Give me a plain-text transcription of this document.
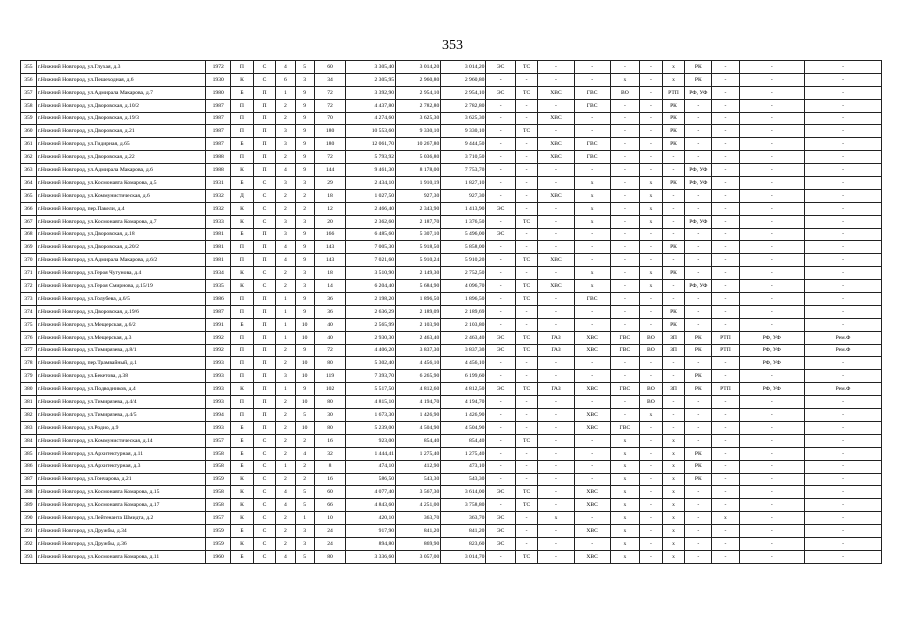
353
355	г.Нижний Новгород, ул.Глухая, д.3	1972	П	С	4	5	60	3 305,40	3 014,20	3 014,20	ЭС	ТС	-	-	-	-	х	РК	-	-	-
356	г.Нижний Новгород, ул.Пешеходная, д.6	1930	К	С	6	3	34	2 305,95	2 960,80	2 960,80	-	-	-	-	х	-	х	РК	-	-	-
357	г.Нижний Новгород, ул.Адмирала Макарова, д.7	1980	Б	П	1	9	72	3 392,90	2 954,10	2 954,10	ЭС	ТС	ХВС	ГВС	ВО	-	РТП	РФ, УФ	-	-	-
358	г.Нижний Новгород, ул.Дворовская, д.10/2	1987	П	П	2	9	72	4 437,80	2 782,80	2 782,80	-	-	-	ГВС	-	-	РК	-	-	-	-
359	г.Нижний Новгород, ул.Дворовская, д.19/3	1987	П	П	2	9	70	4 274,60	3 625,30	3 625,30	-	-	ХВС	-	-	-	РК	-	-	-	-
360	г.Нижний Новгород, ул.Дворовская, д.21	1987	П	П	3	9	180	10 553,60	9 330,10	9 330,10	-	ТС	-	-	-	-	РК	-	-	-	-
361	г.Нижний Новгород, ул.Гидирная, д.65	1987	Б	П	3	9	180	12 061,70	10 267,80	9 444,50	-	-	ХВС	ГВС	-	-	РК	-	-	-	-
362	г.Нижний Новгород, ул.Дворовская, д.22	1988	П	П	2	9	72	5 793,92	5 036,80	3 710,50	-	-	ХВС	ГВС	-	-	-	-	-	-	-
363	г.Нижний Новгород, ул.Адмирала Макарова, д.6	1988	К	П	4	9	144	9 461,30	8 178,00	7 753,70	-	-	-	-	-	-	-	РФ, УФ	-	-	-
364	г.Нижний Новгород, ул.Космонавта Комарова, д.5	1931	Б	С	3	3	29	2 434,10	1 910,19	1 827,10	-	-	-	х	-	х	РК	РФ, УФ	-	-	-
365	г.Нижний Новгород, ул.Коммунистическая, д.6	1932	Д	С	2	2	18	1 027,50	927,30	927,30	-	-	ХВС	х	-	х	-	-	-	-	-
366	г.Нижний Новгород, пер.Пакели, д.4	1932	К	С	2	2	12	2 466,40	2 343,90	1 413,90	ЭС	-	-	х	-	х	-	-	-	-	-
367	г.Нижний Новгород, ул.Космонавта Комарова, д.7	1933	К	С	3	3	20	2 362,60	2 187,70	1 376,50	-	ТС	-	х	-	х	-	РФ, УФ	-	-	-
368	г.Нижний Новгород, ул.Дворовская, д.18	1981	Б	П	3	9	166	6 485,60	5 307,10	5 496,00	ЭС	-	-	-	-	-	-	-	-	-	-
369	г.Нижний Новгород, ул.Дворовская, д.20/2	1981	П	П	4	9	143	7 005,30	5 918,50	5 858,00	-	-	-	-	-	-	РК	-	-	-	-
370	г.Нижний Новгород, ул.Адмирала Макарова, д.6/2	1981	П	П	4	9	143	7 021,60	5 910,24	5 910,20	-	ТС	ХВС	-	-	-	-	-	-	-	-
371	г.Нижний Новгород, ул.Героя Чугунова, д.4	1934	К	С	2	3	18	3 510,90	2 149,30	2 752,50	-	-	-	х	-	х	РК	-	-	-	-
372	г.Нижний Новгород, ул.Героя Смирнова, д.15/19	1935	К	С	2	3	14	6 204,40	5 684,90	4 096,70	-	ТС	ХВС	х	-	х	-	РФ, УФ	-	-	-
373	г.Нижний Новгород, ул.Голубева, д.6/5	1986	П	П	1	9	36	2 198,20	1 896,50	1 896,50	-	ТС	-	ГВС	-	-	-	-	-	-	-
374	г.Нижний Новгород, ул.Дворовская, д.19/6	1987	П	П	1	9	36	2 636,29	2 189,09	2 189,69	-	-	-	-	-	-	РК	-	-	-	-
375	г.Нижний Новгород, ул.Мещерская, д.6/2	1991	Б	П	1	10	40	2 565,99	2 103,90	2 103,80	-	-	-	-	-	-	РК	-	-	-	-
376	г.Нижний Новгород, ул.Мещерская, д.3	1992	П	П	1	10	40	2 930,30	2 463,40	2 463,40	ЭС	ТС	ГАЗ	ХВС	ГВС	ВО	ЗП	РК	РТП	РФ, УФ	Рем.Ф
377	г.Нижний Новгород, ул.Тимирязева, д.8/1	1992	П	П	2	9	72	4 406,20	3 837,30	3 837,30	ЭС	ТС	ГАЗ	ХВС	ГВС	ВО	ЗП	РК	РТП	РФ, УФ	Рем.Ф
378	г.Нижний Новгород, пер.Трамвайный, д.1	1993	П	П	2	10	80	5 302,40	4 456,10	4 456,10	-	-	-	-	-	-	-	-	-	РФ, УФ	-
379	г.Нижний Новгород, ул.Бекетова, д.38	1993	П	П	3	10	119	7 393,70	6 265,90	6 199,60	-	-	-	-	-	-	-	РК	-	-	-
380	г.Нижний Новгород, ул.Подводников, д.4	1993	К	П	1	9	102	5 517,50	4 812,60	4 812,50	ЭС	ТС	ГАЗ	ХВС	ГВС	ВО	ЗП	РК	РТП	РФ, УФ	Рем.Ф
381	г.Нижний Новгород, ул.Тимирязева, д.4/4	1993	П	П	2	10	80	4 815,10	4 194,70	4 194,70	-	-	-	-	-	ВО	-	-	-	-	-
382	г.Нижний Новгород, ул.Тимирязева, д.4/5	1994	П	П	2	5	30	1 673,30	1 426,90	1 426,90	-	-	-	ХВС	-	х	-	-	-	-	-
383	г.Нижний Новгород, ул.Родио, д.9	1993	Б	П	2	10	80	5 239,00	4 504,90	4 504,90	-	-	-	ХВС	ГВС	-	-	-	-	-	-
384	г.Нижний Новгород, ул.Коммунистическая, д.14	1957	Б	С	2	2	16	923,00	854,40	854,40	-	ТС	-	-	х	-	х	-	-	-	-
385	г.Нижний Новгород, ул.Архитектурная, д.11	1958	Б	С	2	4	32	1 444,41	1 275,40	1 275,40	-	-	-	-	х	-	х	РК	-	-	-
386	г.Нижний Новгород, ул.Архитектурная, д.3	1958	Б	С	1	2	8	474,10	412,90	473,10	-	-	-	-	х	-	х	РК	-	-	-
387	г.Нижний Новгород, ул.Гончарова, д.21	1959	К	С	2	2	16	586,50	543,30	543,30	-	-	-	-	х	-	х	РК	-	-	-
388	г.Нижний Новгород, ул.Космонавта Комарова, д.15	1958	К	С	4	5	60	4 077,40	3 567,30	3 614,00	ЭС	ТС	-	ХВС	х	-	х	-	-	-	-
389	г.Нижний Новгород, ул.Космонавта Комарова, д.17	1958	К	С	4	5	66	4 843,60	4 251,00	3 758,80	-	ТС	-	ХВС	х	-	х	-	-	-	-
390	г.Нижний Новгород, ул.Лейтенанта Шмидта, д.2	1957	К	С	2	1	10	420,10	363,70	363,70	ЭС	-	х	-	х	-	х	-	х	-	-
391	г.Нижний Новгород, ул.Дружбы, д.34	1959	Б	С	2	3	24	917,90	841,20	841,20	ЭС	-	-	ХВС	х	-	х	-	-	-	-
392	г.Нижний Новгород, ул.Дружбы, д.36	1959	К	С	2	3	24	894,80	869,90	823,60	ЭС	-	-	-	х	-	х	-	-	-	-
393	г.Нижний Новгород, ул.Космонавта Комарова, д.11	1960	Б	С	4	5	80	3 336,60	3 057,00	3 014,70	-	ТС	-	ХВС	х	-	х	-	-	-	-
